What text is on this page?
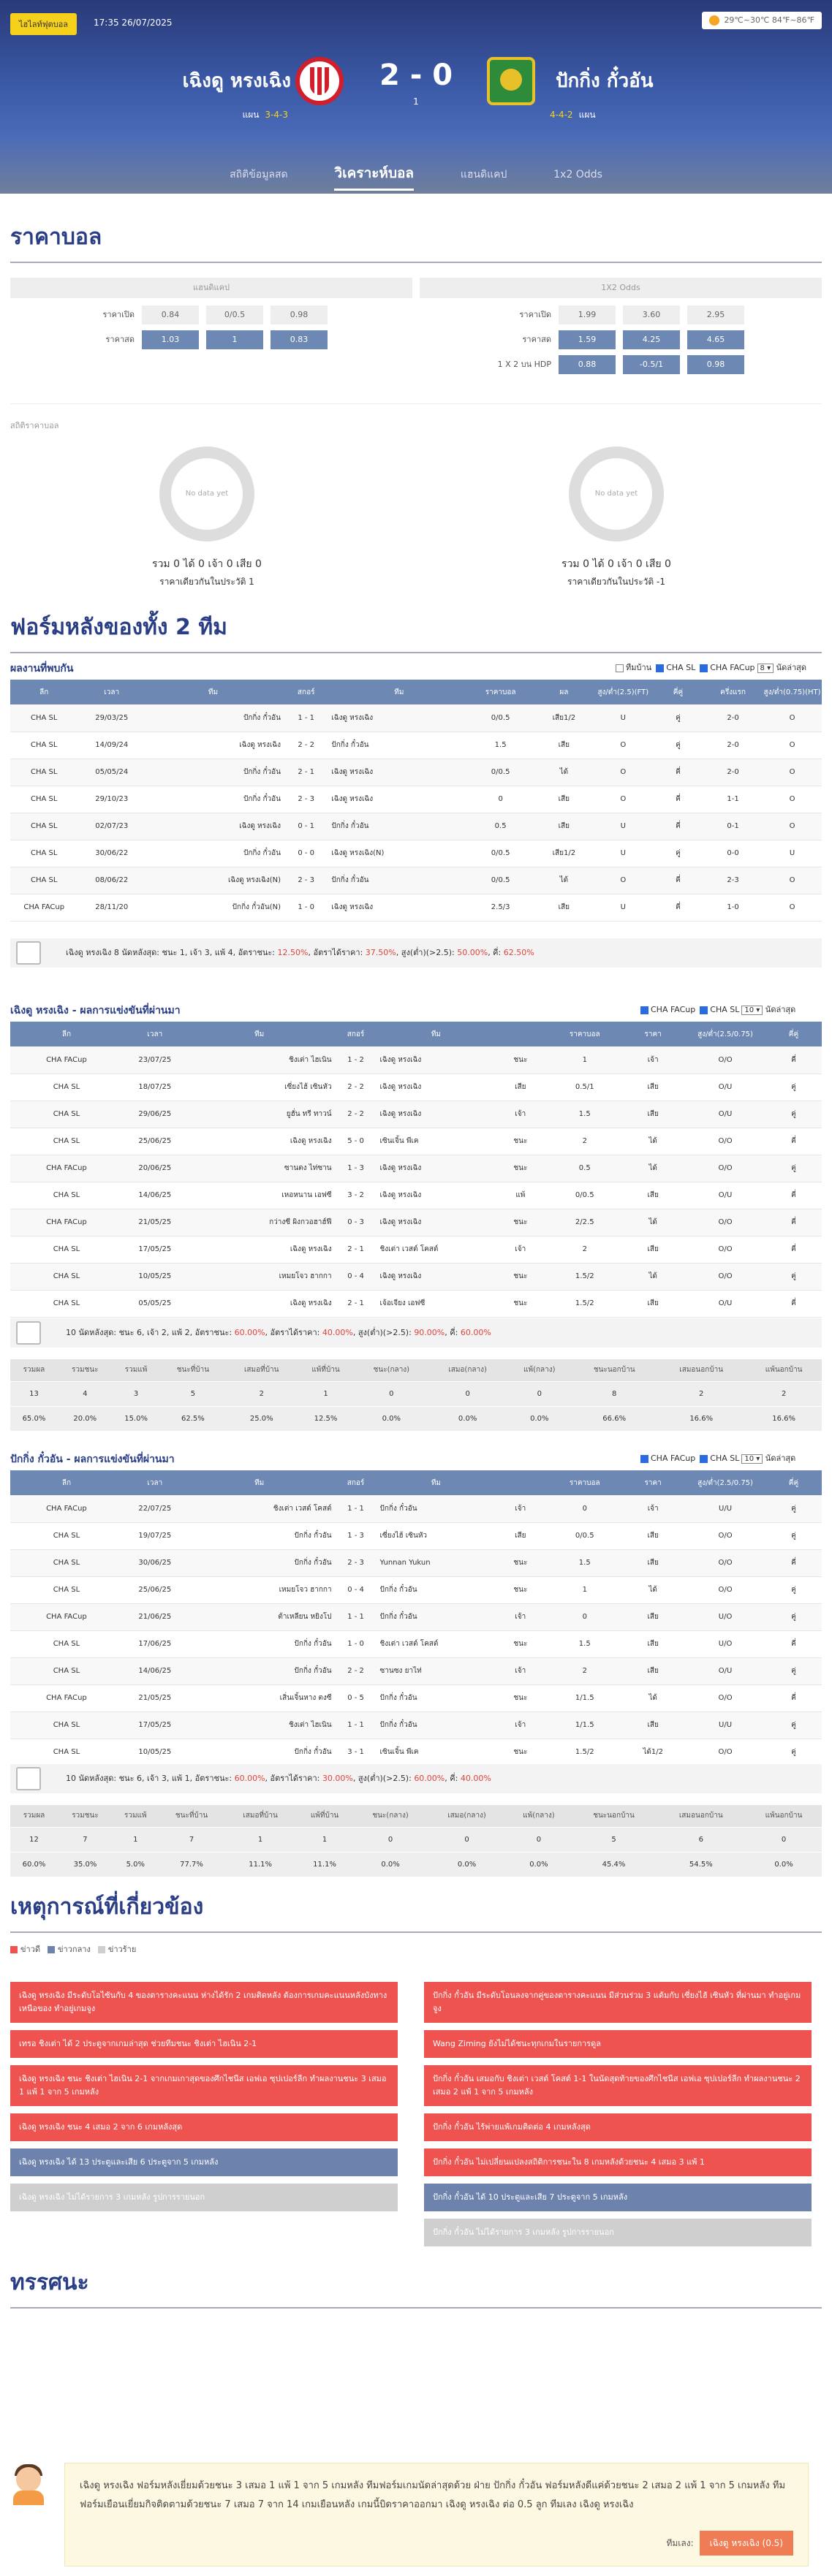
ไฮไลท์ฟุตบอล	17:35 26/07/2025	29℃~30℃ 84℉~86℉
เฉิงดู หรงเฉิง	2 - 0
1
ปักกิ่ง กั๋วอัน
แผน 3-4-3	4-4-2 แผน
สถิติข้อมูลสด	วิเคราะห์บอล	แฮนดิแคป	1x2 Odds
ราคาบอล
แฮนดิแคป	1X2 Odds
ราคาเปิด	0.84	0/0.5	0.98
ราคาสด	1.03	1	0.83
ราคาเปิด	1.99	3.60	2.95
ราคาสด	1.59	4.25	4.65
1 X 2 บน HDP	0.88	-0.5/1	0.98
สถิติราคาบอล
No data yet
รวม 0 ได้ 0 เจ้า 0 เสีย 0
ราคาเดียวกันในประวัติ 1
No data yet
รวม 0 ได้ 0 เจ้า 0 เสีย 0
ราคาเดียวกันในประวัติ -1
ฟอร์มหลังของทั้ง 2 ทีม
ผลงานที่พบกัน	ทีมบ้าน CHA SL CHA FACup 8 ▾ นัดล่าสุด
ลีก	เวลา	ทีม	สกอร์	ทีม	ราคาบอล	ผล	สูง/ต่ำ(2.5)(FT)	คี่คู่	ครึ่งแรก	สูง/ต่ำ(0.75)(HT)
CHA SL	29/03/25	ปักกิ่ง กั๋วอัน	1 - 1	เฉิงดู หรงเฉิง	0/0.5	เสีย1/2	U	คู่	2-0	O
CHA SL	14/09/24	เฉิงดู หรงเฉิง	2 - 2	ปักกิ่ง กั๋วอัน	1.5	เสีย	O	คู่	2-0	O
CHA SL	05/05/24	ปักกิ่ง กั๋วอัน	2 - 1	เฉิงดู หรงเฉิง	0/0.5	ได้	O	คี่	2-0	O
CHA SL	29/10/23	ปักกิ่ง กั๋วอัน	2 - 3	เฉิงดู หรงเฉิง	0	เสีย	O	คี่	1-1	O
CHA SL	02/07/23	เฉิงดู หรงเฉิง	0 - 1	ปักกิ่ง กั๋วอัน	0.5	เสีย	U	คี่	0-1	O
CHA SL	30/06/22	ปักกิ่ง กั๋วอัน	0 - 0	เฉิงดู หรงเฉิง(N)	0/0.5	เสีย1/2	U	คู่	0-0	U
CHA SL	08/06/22	เฉิงดู หรงเฉิง(N)	2 - 3	ปักกิ่ง กั๋วอัน	0/0.5	ได้	O	คี่	2-3	O
CHA FACup	28/11/20	ปักกิ่ง กั๋วอัน(N)	1 - 0	เฉิงดู หรงเฉิง	2.5/3	เสีย	U	คี่	1-0	O
เฉิงดู หรงเฉิง 8 นัดหลังสุด: ชนะ 1, เจ้า 3, แพ้ 4, อัตราชนะ: 12.50%, อัตราได้ราคา: 37.50%, สูง(ต่ำ)(>2.5): 50.00%, คี่: 62.50%
เฉิงดู หรงเฉิง - ผลการแข่งขันที่ผ่านมา	CHA FACup CHA SL 10 ▾ นัดล่าสุด
ลีก	เวลา	ทีม	สกอร์	ทีม		ราคาบอล	ราคา	สูง/ต่ำ(2.5/0.75)	คี่คู่
CHA FACup	23/07/25	ชิงเต่า ไฮเนิน	1 - 2	เฉิงดู หรงเฉิง	ชนะ	1	เจ้า	O/O	คี่
CHA SL	18/07/25	เซี่ยงไฮ้ เซินหัว	2 - 2	เฉิงดู หรงเฉิง	เสีย	0.5/1	เสีย	O/U	คู่
CHA SL	29/06/25	ยูฮั่น ทรี ทาวน์	2 - 2	เฉิงดู หรงเฉิง	เจ้า	1.5	เสีย	O/U	คู่
CHA SL	25/06/25	เฉิงดู หรงเฉิง	5 - 0	เซินเจิ้น พีเค	ชนะ	2	ได้	O/O	คี่
CHA FACup	20/06/25	ซานตง ไท่ซาน	1 - 3	เฉิงดู หรงเฉิง	ชนะ	0.5	ได้	O/O	คู่
CHA SL	14/06/25	เหอหนาน เอฟซี	3 - 2	เฉิงดู หรงเฉิง	แพ้	0/0.5	เสีย	O/U	คี่
CHA FACup	21/05/25	กว่างซี ผิงกวอฮาฮ์ฟี	0 - 3	เฉิงดู หรงเฉิง	ชนะ	2/2.5	ได้	O/O	คี่
CHA SL	17/05/25	เฉิงดู หรงเฉิง	2 - 1	ชิงเต่า เวสต์ โคสต์	เจ้า	2	เสีย	O/O	คี่
CHA SL	10/05/25	เหมยโจว ฮากกา	0 - 4	เฉิงดู หรงเฉิง	ชนะ	1.5/2	ได้	O/O	คู่
CHA SL	05/05/25	เฉิงดู หรงเฉิง	2 - 1	เจ้อเจียง เอฟซี	ชนะ	1.5/2	เสีย	O/U	คี่
10 นัดหลังสุด: ชนะ 6, เจ้า 2, แพ้ 2, อัตราชนะ: 60.00%, อัตราได้ราคา: 40.00%, สูง(ต่ำ)(>2.5): 90.00%, คี่: 60.00%
รวมผล	รวมชนะ	รวมแพ้	ชนะที่บ้าน	เสมอที่บ้าน	แพ้ที่บ้าน	ชนะ(กลาง)	เสมอ(กลาง)	แพ้(กลาง)	ชนะนอกบ้าน	เสมอนอกบ้าน	แพ้นอกบ้าน
13	4	3	5	2	1	0	0	0	8	2	2
65.0%	20.0%	15.0%	62.5%	25.0%	12.5%	0.0%	0.0%	0.0%	66.6%	16.6%	16.6%
ปักกิ่ง กั๋วอัน - ผลการแข่งขันที่ผ่านมา	CHA FACup CHA SL 10 ▾ นัดล่าสุด
ลีก	เวลา	ทีม	สกอร์	ทีม		ราคาบอล	ราคา	สูง/ต่ำ(2.5/0.75)	คี่คู่
CHA FACup	22/07/25	ชิงเต่า เวสต์ โคสต์	1 - 1	ปักกิ่ง กั๋วอัน	เจ้า	0	เจ้า	U/U	คู่
CHA SL	19/07/25	ปักกิ่ง กั๋วอัน	1 - 3	เซี่ยงไฮ้ เซินหัว	เสีย	0/0.5	เสีย	O/O	คู่
CHA SL	30/06/25	ปักกิ่ง กั๋วอัน	2 - 3	Yunnan Yukun	ชนะ	1.5	เสีย	O/O	คี่
CHA SL	25/06/25	เหมยโจว ฮากกา	0 - 4	ปักกิ่ง กั๋วอัน	ชนะ	1	ได้	O/O	คู่
CHA FACup	21/06/25	ต้าเหลียน หยิงโป	1 - 1	ปักกิ่ง กั๋วอัน	เจ้า	0	เสีย	U/O	คู่
CHA SL	17/06/25	ปักกิ่ง กั๋วอัน	1 - 0	ชิงเต่า เวสต์ โคสต์	ชนะ	1.5	เสีย	U/O	คี่
CHA SL	14/06/25	ปักกิ่ง กั๋วอัน	2 - 2	ซานซง ยาไท่	เจ้า	2	เสีย	O/U	คู่
CHA FACup	21/05/25	เสิ่นเจิ้นหาง ตงซี	0 - 5	ปักกิ่ง กั๋วอัน	ชนะ	1/1.5	ได้	O/O	คี่
CHA SL	17/05/25	ชิงเต่า ไฮเนิน	1 - 1	ปักกิ่ง กั๋วอัน	เจ้า	1/1.5	เสีย	U/U	คู่
CHA SL	10/05/25	ปักกิ่ง กั๋วอัน	3 - 1	เซินเจิ้น พีเค	ชนะ	1.5/2	ได้1/2	O/O	คู่
10 นัดหลังสุด: ชนะ 6, เจ้า 3, แพ้ 1, อัตราชนะ: 60.00%, อัตราได้ราคา: 30.00%, สูง(ต่ำ)(>2.5): 60.00%, คี่: 40.00%
รวมผล	รวมชนะ	รวมแพ้	ชนะที่บ้าน	เสมอที่บ้าน	แพ้ที่บ้าน	ชนะ(กลาง)	เสมอ(กลาง)	แพ้(กลาง)	ชนะนอกบ้าน	เสมอนอกบ้าน	แพ้นอกบ้าน
12	7	1	7	1	1	0	0	0	5	6	0
60.0%	35.0%	5.0%	77.7%	11.1%	11.1%	0.0%	0.0%	0.0%	45.4%	54.5%	0.0%
เหตุการณ์ที่เกี่ยวข้อง
ข่าวดี ข่าวกลาง ข่าวร้าย
เฉิงดู หรงเฉิง มีระดับโอไซ้นกับ 4 ของตารางคะแนน ห่างได้รัก 2 เกมติดหลัง ต้องการเกมคะแนนหลังบังทางเหนือของ ทำอยู่เกมจูง
เทรอ ชิงเต่า ได้ 2 ประตูจากเกมล่าสุด ช่วยทีมชนะ ชิงเต่า ไฮเนิน 2-1
เฉิงดู หรงเฉิง ชนะ ชิงเต่า ไฮเนิน 2-1 จากเกมเกาสุดของศึกไชนีส เอฟเอ ซุปเปอร์ลีก ทำผลงานชนะ 3 เสมอ 1 แพ้ 1 จาก 5 เกมหลัง
เฉิงดู หรงเฉิง ชนะ 4 เสมอ 2 จาก 6 เกมหลังสุด
เฉิงดู หรงเฉิง ได้ 13 ประตูและเสีย 6 ประตูจาก 5 เกมหลัง
เฉิงดู หรงเฉิง ไม่ได้รายการ 3 เกมหลัง รูปการรายนอก
ปักกิ่ง กั๋วอัน มีระดับโอนลงจากคู่ของตารางคะแนน มีส่วนร่วม 3 แต้มกับ เซี่ยงไฮ้ เซินหัว ที่ผ่านมา ทำอยู่เกมจูง
Wang Ziming ยังไม่ได้ชนะทุกเกมในรายการดูล
ปักกิ่ง กั๋วอัน เสมอกับ ชิงเต่า เวสต์ โคสต์ 1-1 ในนัดสุดท้ายของศึกไชนีส เอฟเอ ซุปเปอร์ลีก ทำผลงานชนะ 2 เสมอ 2 แพ้ 1 จาก 5 เกมหลัง
ปักกิ่ง กั๋วอัน ไร้พ่ายแพ้เกมติดต่อ 4 เกมหลังสุด
ปักกิ่ง กั๋วอัน ไม่เปลี่ยนแปลงสถิติการชนะใน 8 เกมหลังด้วยชนะ 4 เสมอ 3 แพ้ 1
ปักกิ่ง กั๋วอัน ได้ 10 ประตูและเสีย 7 ประตูจาก 5 เกมหลัง
ปักกิ่ง กั๋วอัน ไม่ได้รายการ 3 เกมหลัง รูปการรายนอก
ทรรศนะ
เฉิงดู หรงเฉิง ฟอร์มหลังเยี่ยมด้วยชนะ 3 เสมอ 1 แพ้ 1 จาก 5 เกมหลัง ทีมฟอร์มเกมนัดล่าสุดด้วย ฝ่าย ปักกิ่ง กั๋วอัน ฟอร์มหลังดีแค่ด้วยชนะ 2 เสมอ 2 แพ้ 1 จาก 5 เกมหลัง ทีมฟอร์มเยือนเยี่ยมกิจติดตามด้วยชนะ 7 เสมอ 7 จาก 14 เกมเยือนหลัง เกมนี้บิดราคาออกมา เฉิงดู หรงเฉิง ต่อ 0.5 ลูก ทีมเลง เฉิงดู หรงเฉิง
ทีมเลง: เฉิงดู หรงเฉิง (0.5)
